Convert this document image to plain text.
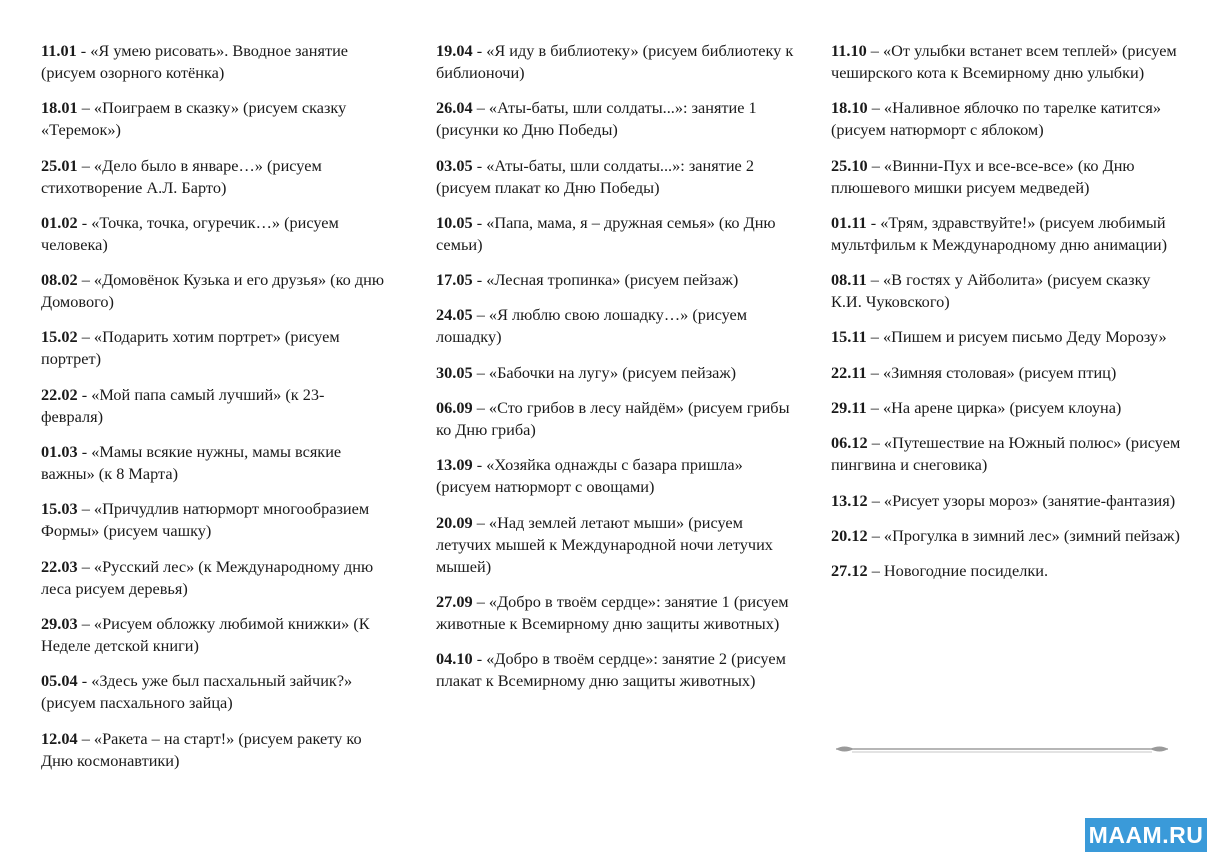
11.01 - «Я умею рисовать». Вводное занятие (рисуем озорного котёнка)

18.01 – «Поиграем в сказку» (рисуем сказку «Теремок»)

25.01 – «Дело было в январе…» (рисуем стихотворение А.Л. Барто)

01.02 - «Точка, точка, огуречик…» (рисуем человека)

08.02 – «Домовёнок Кузька и его друзья» (ко дню Домового)

15.02 – «Подарить хотим портрет» (рисуем портрет)

22.02 - «Мой папа самый лучший» (к 23-февраля)

01.03 - «Мамы всякие нужны, мамы всякие важны» (к 8 Марта)

15.03 – «Причудлив натюрморт многообразием Формы» (рисуем чашку)

22.03 – «Русский лес» (к Международному дню леса рисуем деревья)

29.03 – «Рисуем обложку любимой книжки» (К Неделе детской книги)

05.04 - «Здесь уже был пасхальный зайчик?» (рисуем пасхального зайца)

12.04 – «Ракета – на старт!» (рисуем ракету ко Дню космонавтики)

19.04 - «Я иду в библиотеку» (рисуем библиотеку к библионочи)

26.04 – «Аты-баты, шли солдаты...»: занятие 1 (рисунки ко Дню Победы)

03.05 - «Аты-баты, шли солдаты...»: занятие 2 (рисуем плакат ко Дню Победы)

10.05 - «Папа, мама, я – дружная семья» (ко Дню семьи)

17.05 - «Лесная тропинка» (рисуем пейзаж)

24.05 – «Я люблю свою лошадку…» (рисуем лошадку)

30.05 – «Бабочки на лугу» (рисуем пейзаж)

06.09 – «Сто грибов в лесу найдём» (рисуем грибы ко Дню гриба)

13.09 - «Хозяйка однажды с базара пришла» (рисуем натюрморт с овощами)

20.09 – «Над землей летают мыши» (рисуем летучих мышей к Международной ночи летучих мышей)

27.09 – «Добро в твоём сердце»: занятие 1 (рисуем животные к Всемирному дню защиты животных)

04.10 - «Добро в твоём сердце»: занятие 2 (рисуем плакат к Всемирному дню защиты животных)

11.10 – «От улыбки встанет всем теплей» (рисуем чеширского кота к Всемирному дню улыбки)

18.10 – «Наливное яблочко по тарелке катится» (рисуем натюрморт с яблоком)

25.10 – «Винни-Пух и все-все-все» (ко Дню плюшевого мишки рисуем медведей)

01.11 - «Трям, здравствуйте!» (рисуем любимый мультфильм к Международному дню анимации)

08.11 – «В гостях у Айболита» (рисуем сказку К.И. Чуковского)

15.11 – «Пишем и рисуем письмо Деду Морозу»

22.11 – «Зимняя столовая» (рисуем птиц)

29.11 – «На арене цирка» (рисуем клоуна)

06.12 – «Путешествие на Южный полюс» (рисуем пингвина и снеговика)

13.12 – «Рисует узоры мороз» (занятие-фантазия)

20.12 – «Прогулка в зимний лес» (зимний пейзаж)

27.12 – Новогодние посиделки.

MAAM.RU
